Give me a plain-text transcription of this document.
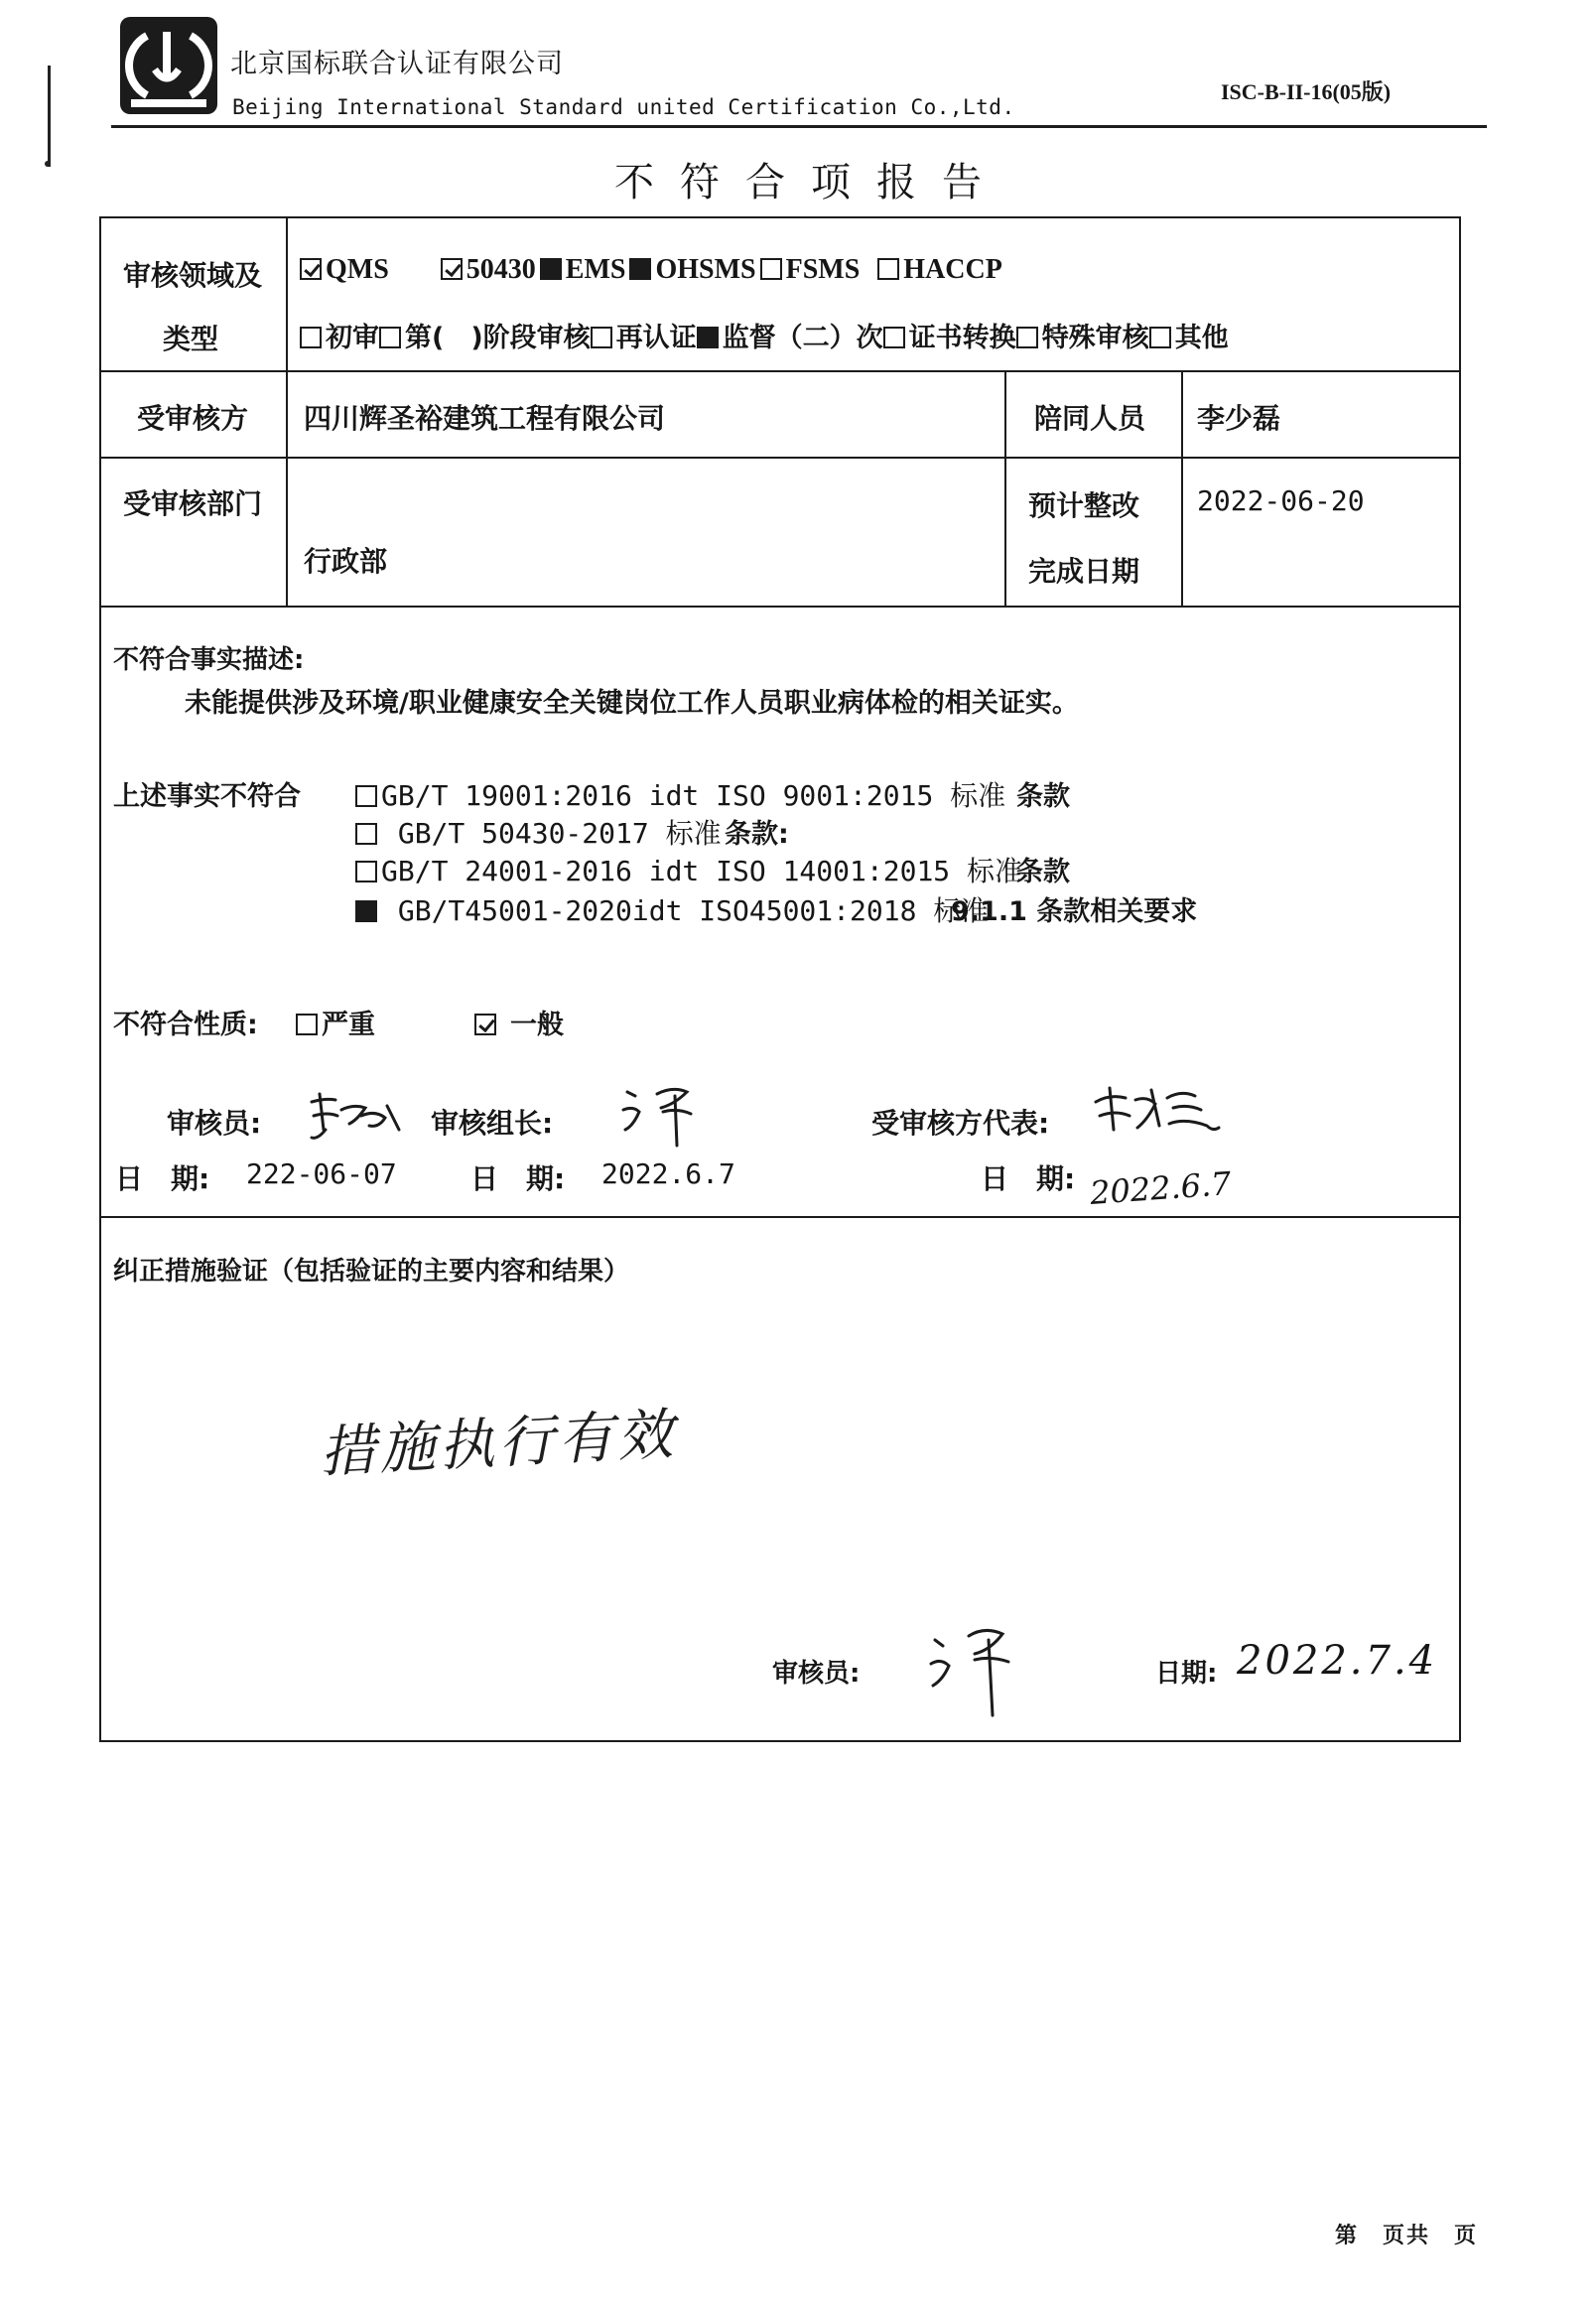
北京国标联合认证有限公司
Beijing International Standard united Certification Co.,Ltd.
ISC-B-II-16(05版)
不符合项报告
审核领域及
类型
QMS	50430 EMS OHSMS FSMS HACCP
初审 第(　)阶段审核 再认证 监督（二）次 证书转换 特殊审核 其他
受审核方 四川辉圣裕建筑工程有限公司	陪同人员 李少磊
受审核部门
行政部
预计整改
完成日期
2022-06-20
不符合事实描述:
未能提供涉及环境/职业健康安全关键岗位工作人员职业病体检的相关证实。
上述事实不符合	GB/T 19001:2016 idt ISO 9001:2015 标准 条款
GB/T 50430-2017 标准 条款:
GB/T 24001-2016 idt ISO 14001:2015 标准
条款
GB/T45001-2020idt ISO45001:2018 标准
9.1.1 条款相关要求
不符合性质:	严重	一般
审核员:	审核组长:	受审核方代表:
日　期: 222-06-07	日　期: 2022.6.7	日　期: 2022.6.7
纠正措施验证（包括验证的主要内容和结果）
措施执行有效
审核员:	日期: 2022.7.4
第　页共　页
